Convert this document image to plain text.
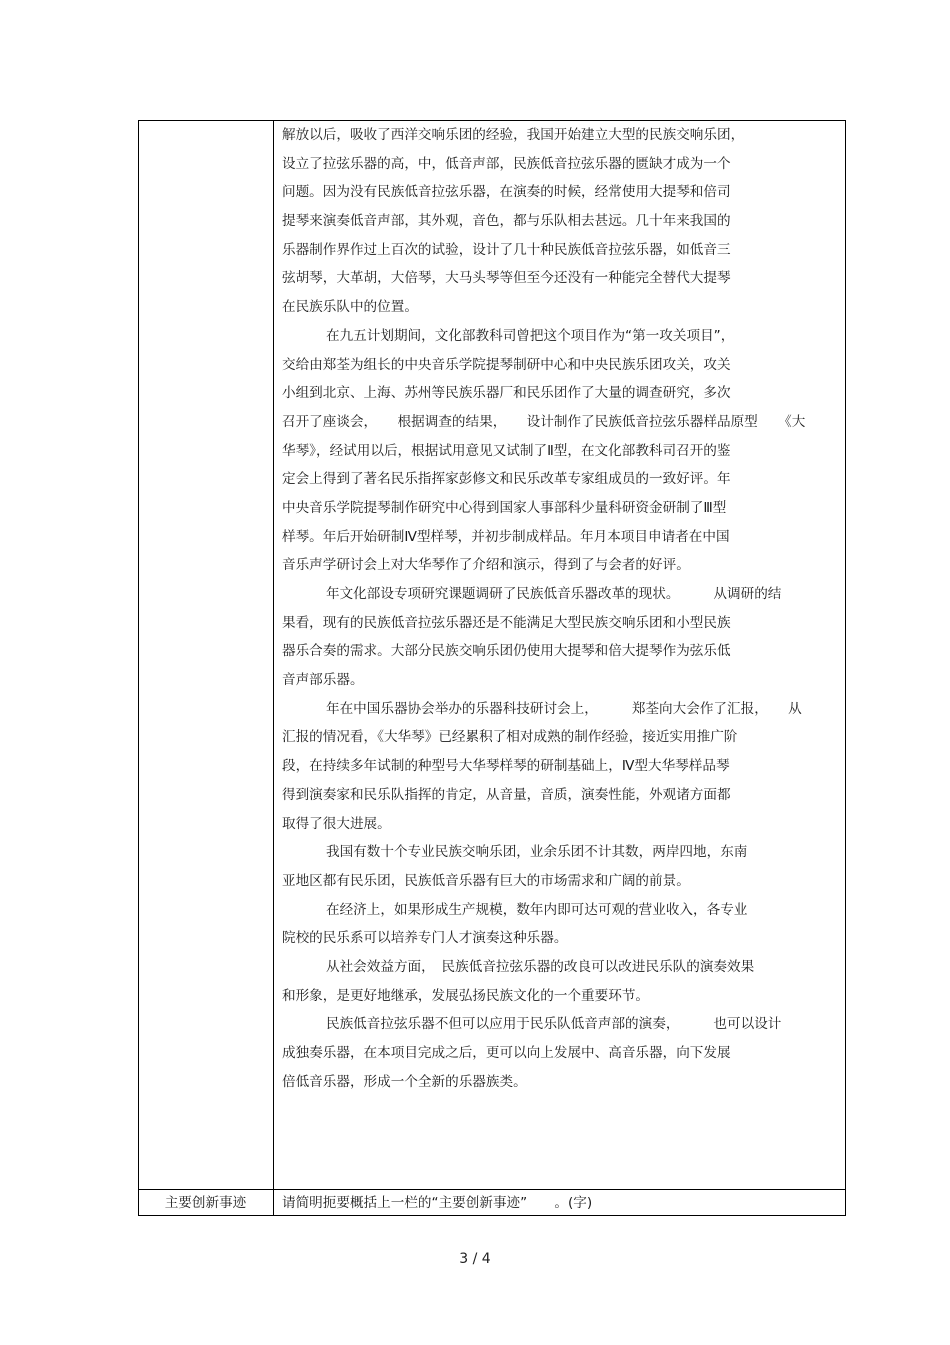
解放以后，吸收了西洋交响乐团的经验，我国开始建立大型的民族交响乐团，
设立了拉弦乐器的高，中，低音声部，民族低音拉弦乐器的匮缺才成为一个
问题。因为没有民族低音拉弦乐器，在演奏的时候，经常使用大提琴和倍司
提琴来演奏低音声部，其外观，音色，都与乐队相去甚远。几十年来我国的
乐器制作界作过上百次的试验，设计了几十种民族低音拉弦乐器，如低音三
弦胡琴，大革胡，大倍琴，大马头琴等但至今还没有一种能完全替代大提琴
在民族乐队中的位置。
在九五计划期间，文化部教科司曾把这个项目作为“第一攻关项目”，
交给由郑荃为组长的中央音乐学院提琴制研中心和中央民族乐团攻关，攻关
小组到北京、上海、苏州等民族乐器厂和民乐团作了大量的调查研究，多次
召开了座谈会，　　根据调查的结果，　　设计制作了民族低音拉弦乐器样品原型　　《大
华琴》，经试用以后，根据试用意见又试制了Ⅱ型，在文化部教科司召开的鉴
定会上得到了著名民乐指挥家彭修文和民乐改革专家组成员的一致好评。年
中央音乐学院提琴制作研究中心得到国家人事部科少量科研资金研制了Ⅲ型
样琴。年后开始研制Ⅳ型样琴，并初步制成样品。年月本项目申请者在中国
音乐声学研讨会上对大华琴作了介绍和演示，得到了与会者的好评。
年文化部设专项研究课题调研了民族低音乐器改革的现状。　　　从调研的结
果看，现有的民族低音拉弦乐器还是不能满足大型民族交响乐团和小型民族
器乐合奏的需求。大部分民族交响乐团仍使用大提琴和倍大提琴作为弦乐低
音声部乐器。
年在中国乐器协会举办的乐器科技研讨会上，　　　郑荃向大会作了汇报，　　从
汇报的情况看，《大华琴》已经累积了相对成熟的制作经验，接近实用推广阶
段，在持续多年试制的种型号大华琴样琴的研制基础上，Ⅳ型大华琴样品琴
得到演奏家和民乐队指挥的肯定，从音量，音质，演奏性能，外观诸方面都
取得了很大进展。
我国有数十个专业民族交响乐团，业余乐团不计其数，两岸四地，东南
亚地区都有民乐团，民族低音乐器有巨大的市场需求和广阔的前景。
在经济上，如果形成生产规模，数年内即可达可观的营业收入，各专业
院校的民乐系可以培养专门人才演奏这种乐器。
从社会效益方面，　民族低音拉弦乐器的改良可以改进民乐队的演奏效果
和形象，是更好地继承，发展弘扬民族文化的一个重要环节。
民族低音拉弦乐器不但可以应用于民乐队低音声部的演奏，　　　也可以设计
成独奏乐器，在本项目完成之后，更可以向上发展中、高音乐器，向下发展
倍低音乐器，形成一个全新的乐器族类。
主要创新事迹	请简明扼要概括上一栏的“主要创新事迹”　　。(字)
3 / 4
